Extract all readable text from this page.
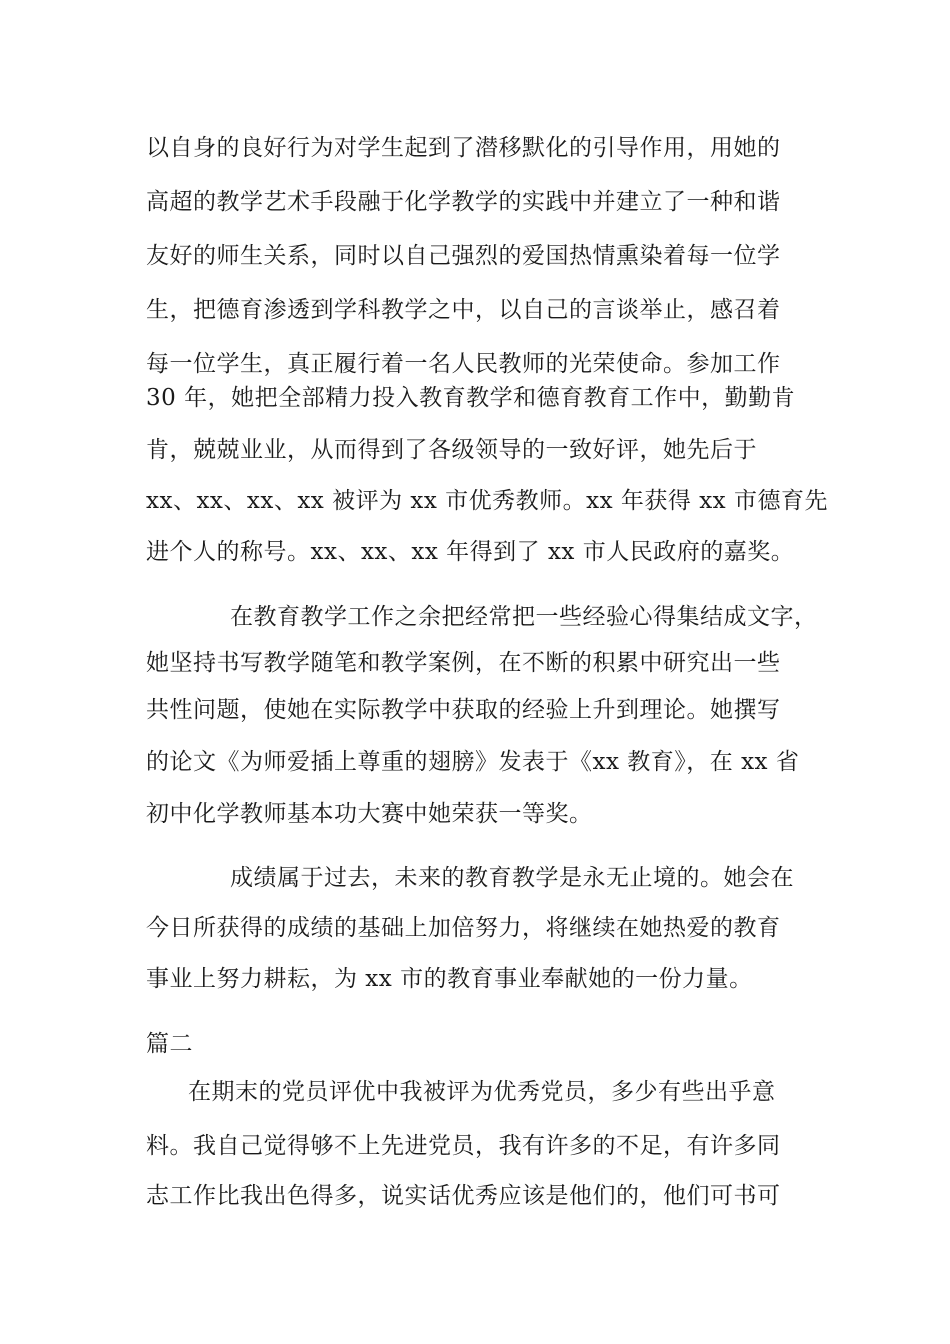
以自身的良好行为对学生起到了潜移默化的引导作用，用她的
高超的教学艺术手段融于化学教学的实践中并建立了一种和谐
友好的师生关系，同时以自己强烈的爱国热情熏染着每一位学
生，把德育渗透到学科教学之中，以自己的言谈举止，感召着
每一位学生，真正履行着一名人民教师的光荣使命。参加工作
30 年，她把全部精力投入教育教学和德育教育工作中，勤勤肯
肯，兢兢业业，从而得到了各级领导的一致好评，她先后于
xx、xx、xx、xx 被评为 xx 市优秀教师。xx 年获得 xx 市德育先
进个人的称号。xx、xx、xx 年得到了 xx 市人民政府的嘉奖。
在教育教学工作之余把经常把一些经验心得集结成文字，
她坚持书写教学随笔和教学案例，在不断的积累中研究出一些
共性问题，使她在实际教学中获取的经验上升到理论。她撰写
的论文《为师爱插上尊重的翅膀》发表于《xx 教育》，在 xx 省
初中化学教师基本功大赛中她荣获一等奖。
成绩属于过去，未来的教育教学是永无止境的。她会在
今日所获得的成绩的基础上加倍努力，将继续在她热爱的教育
事业上努力耕耘，为 xx 市的教育事业奉献她的一份力量。
篇二
在期末的党员评优中我被评为优秀党员，多少有些出乎意
料。我自己觉得够不上先进党员，我有许多的不足，有许多同
志工作比我出色得多，说实话优秀应该是他们的，他们可书可
